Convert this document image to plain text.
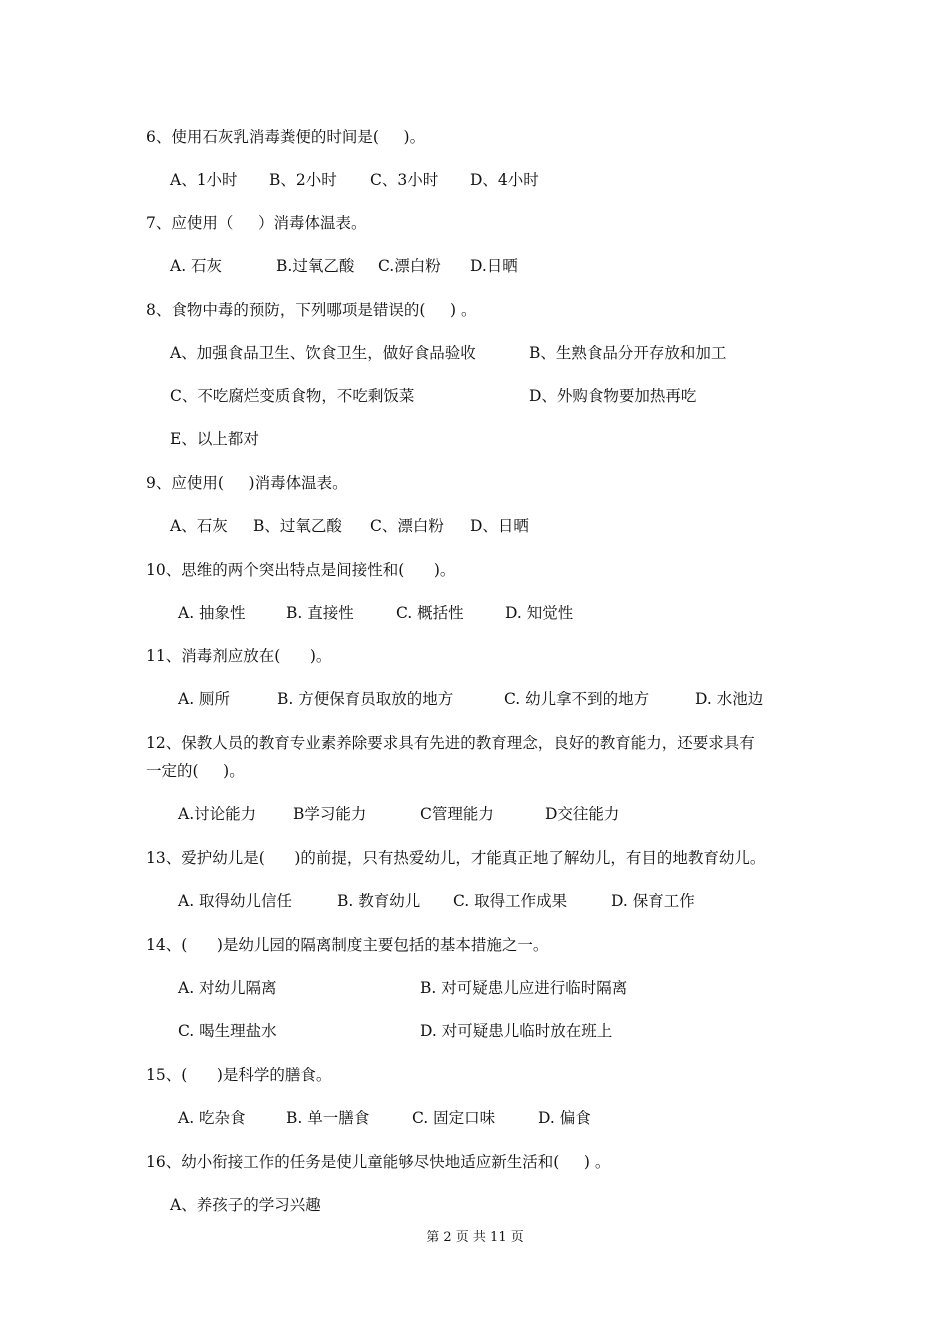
6、使用石灰乳消毒粪便的时间是(     )。
A、1小时 B、2小时 C、3小时 D、4小时
7、应使用（     ）消毒体温表。
A. 石灰	B.过氧乙酸 C.漂白粉 D.日晒
8、食物中毒的预防，下列哪项是错误的(     ) 。
A、加强食品卫生、饮食卫生，做好食品验收	B、生熟食品分开存放和加工
C、不吃腐烂变质食物，不吃剩饭菜	D、外购食物要加热再吃
E、以上都对
9、应使用(     )消毒体温表。
A、石灰 B、过氧乙酸 C、漂白粉 D、日晒
10、思维的两个突出特点是间接性和(      )。
A. 抽象性	B. 直接性	C. 概括性	D. 知觉性
11、消毒剂应放在(      )。
A. 厕所	B. 方便保育员取放的地方	C. 幼儿拿不到的地方	D. 水池边
12、保教人员的教育专业素养除要求具有先进的教育理念，良好的教育能力，还要求具有
一定的(     )。
A.讨论能力 B学习能力	C管理能力	D交往能力
13、爱护幼儿是(      )的前提，只有热爱幼儿，才能真正地了解幼儿，有目的地教育幼儿。
A. 取得幼儿信任	B. 教育幼儿 C. 取得工作成果	D. 保育工作
14、(      )是幼儿园的隔离制度主要包括的基本措施之一。
A. 对幼儿隔离	B. 对可疑患儿应进行临时隔离
C. 喝生理盐水	D. 对可疑患儿临时放在班上
15、(      )是科学的膳食。
A. 吃杂食	B. 单一膳食	C. 固定口味	D. 偏食
16、幼小衔接工作的任务是使儿童能够尽快地适应新生活和(     ) 。
A、养孩子的学习兴趣
第 2 页 共 11 页
